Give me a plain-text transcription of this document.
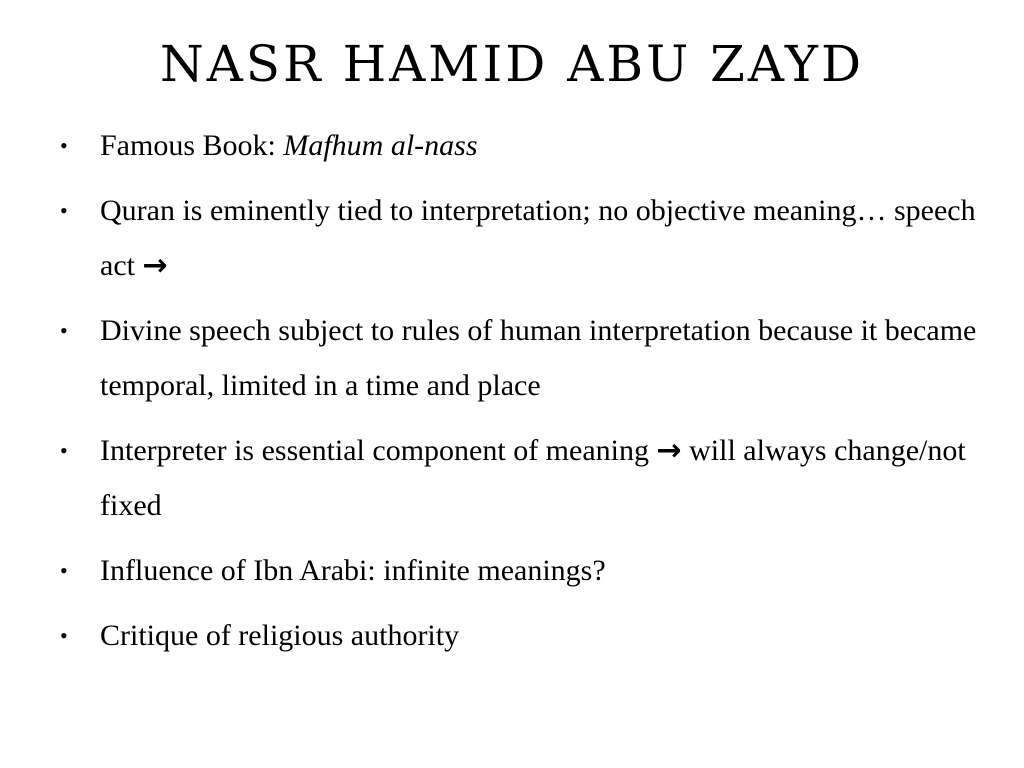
NASR HAMID ABU ZAYD
•	Famous Book: Mafhum al-nass
•	Quran is eminently tied to interpretation; no objective meaning… speech act →
•	Divine speech subject to rules of human interpretation because it became temporal, limited in a time and place
•	Interpreter is essential component of meaning → will always change/not fixed
•	Influence of Ibn Arabi: infinite meanings?
•	Critique of religious authority
